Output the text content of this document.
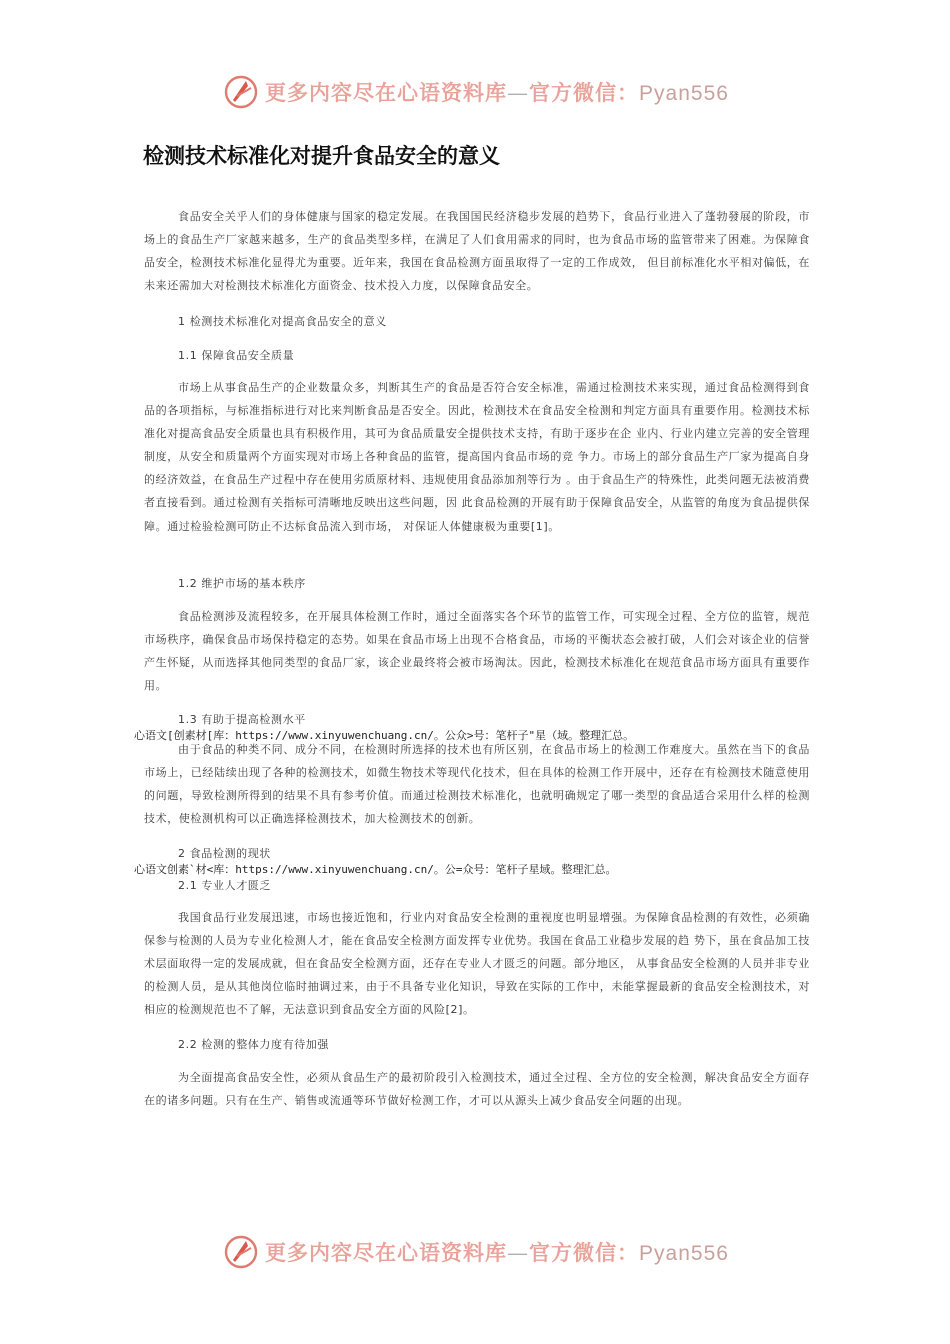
更多内容尽在心语资料库—官方微信：Pyan556
检测技术标准化对提升食品安全的意义

食品安全关乎人们的身体健康与国家的稳定发展。在我国国民经济稳步发展的趋势下，食品行业进入了蓬勃發展的阶段，市场上的食品生产厂家越来越多，生产的食品类型多样，在满足了人们食用需求的同时，也为食品市场的监管带来了困难。为保障食品安全，检测技术标准化显得尤为重要。近年来，我国在食品检测方面虽取得了一定的工作成效， 但目前标准化水平相对偏低，在未来还需加大对检测技术标准化方面资金、技术投入力度，以保障食品安全。

1 检测技术标准化对提高食品安全的意义

1.1 保障食品安全质量

市场上从事食品生产的企业数量众多，判断其生产的食品是否符合安全标准，需通过检测技术来实现，通过食品检测得到食品的各项指标，与标准指标进行对比来判断食品是否安全。因此，检测技术在食品安全检测和判定方面具有重要作用。检测技术标准化对提高食品安全质量也具有积极作用，其可为食品质量安全提供技术支持，有助于逐步在企 业内、行业内建立完善的安全管理制度，从安全和质量两个方面实现对市场上各种食品的监管，提高国内食品市场的竞 争力。市场上的部分食品生产厂家为提高自身的经济效益，在食品生产过程中存在使用劣质原材料、违规使用食品添加剂等行为 。由于食品生产的特殊性，此类问题无法被消费者直接看到。通过检测有关指标可清晰地反映出这些问题，因 此食品检测的开展有助于保障食品安全，从监管的角度为食品提供保障。通过检验检测可防止不达标食品流入到市场， 对保证人体健康极为重要[1]。

1.2 维护市场的基本秩序

食品检测涉及流程较多，在开展具体检测工作时，通过全面落实各个环节的监管工作，可实现全过程、全方位的监管，规范市场秩序，确保食品市场保持稳定的态势。如果在食品市场上出现不合格食品，市场的平衡状态会被打破，人们会对该企业的信誉产生怀疑，从而选择其他同类型的食品厂家，该企业最终将会被市场淘汰。因此，检测技术标准化在规范食品市场方面具有重要作用。

1.3 有助于提高检测水平

心语文[创素材[库：https://www.xinyuwenchuang.cn/。公众>号：笔杆子"星（域。整理汇总。

由于食品的种类不同、成分不同，在检测时所选择的技术也有所区别，在食品市场上的检测工作难度大。虽然在当下的食品市场上，已经陆续出现了各种的检测技术，如微生物技术等现代化技术，但在具体的检测工作开展中，还存在有检测技术随意使用的问题，导致检测所得到的结果不具有参考价值。而通过检测技术标准化，也就明确规定了哪一类型的食品适合采用什么样的检测技术，使检测机构可以正确选择检测技术，加大检测技术的创新。

2 食品检测的现状

心语文创素`材<库：https://www.xinyuwenchuang.cn/。公=众号：笔杆子星域。整理汇总。

2.1 专业人才匮乏

我国食品行业发展迅速，市场也接近饱和，行业内对食品安全检测的重视度也明显增强。为保障食品检测的有效性，必须确保参与检测的人员为专业化检测人才，能在食品安全检测方面发挥专业优势。我国在食品工业稳步发展的趋 势下，虽在食品加工技术层面取得一定的发展成就，但在食品安全检测方面，还存在专业人才匮乏的问题。部分地区， 从事食品安全检测的人员并非专业的检测人员，是从其他岗位临时抽调过来，由于不具备专业化知识，导致在实际的工作中，未能掌握最新的食品安全检测技术，对相应的检测规范也不了解，无法意识到食品安全方面的风险[2]。

2.2 检测的整体力度有待加强

为全面提高食品安全性，必须从食品生产的最初阶段引入检测技术，通过全过程、全方位的安全检测，解决食品安全方面存在的诸多问题。只有在生产、销售或流通等环节做好检测工作，才可以从源头上减少食品安全问题的出现。

更多内容尽在心语资料库—官方微信：Pyan556
